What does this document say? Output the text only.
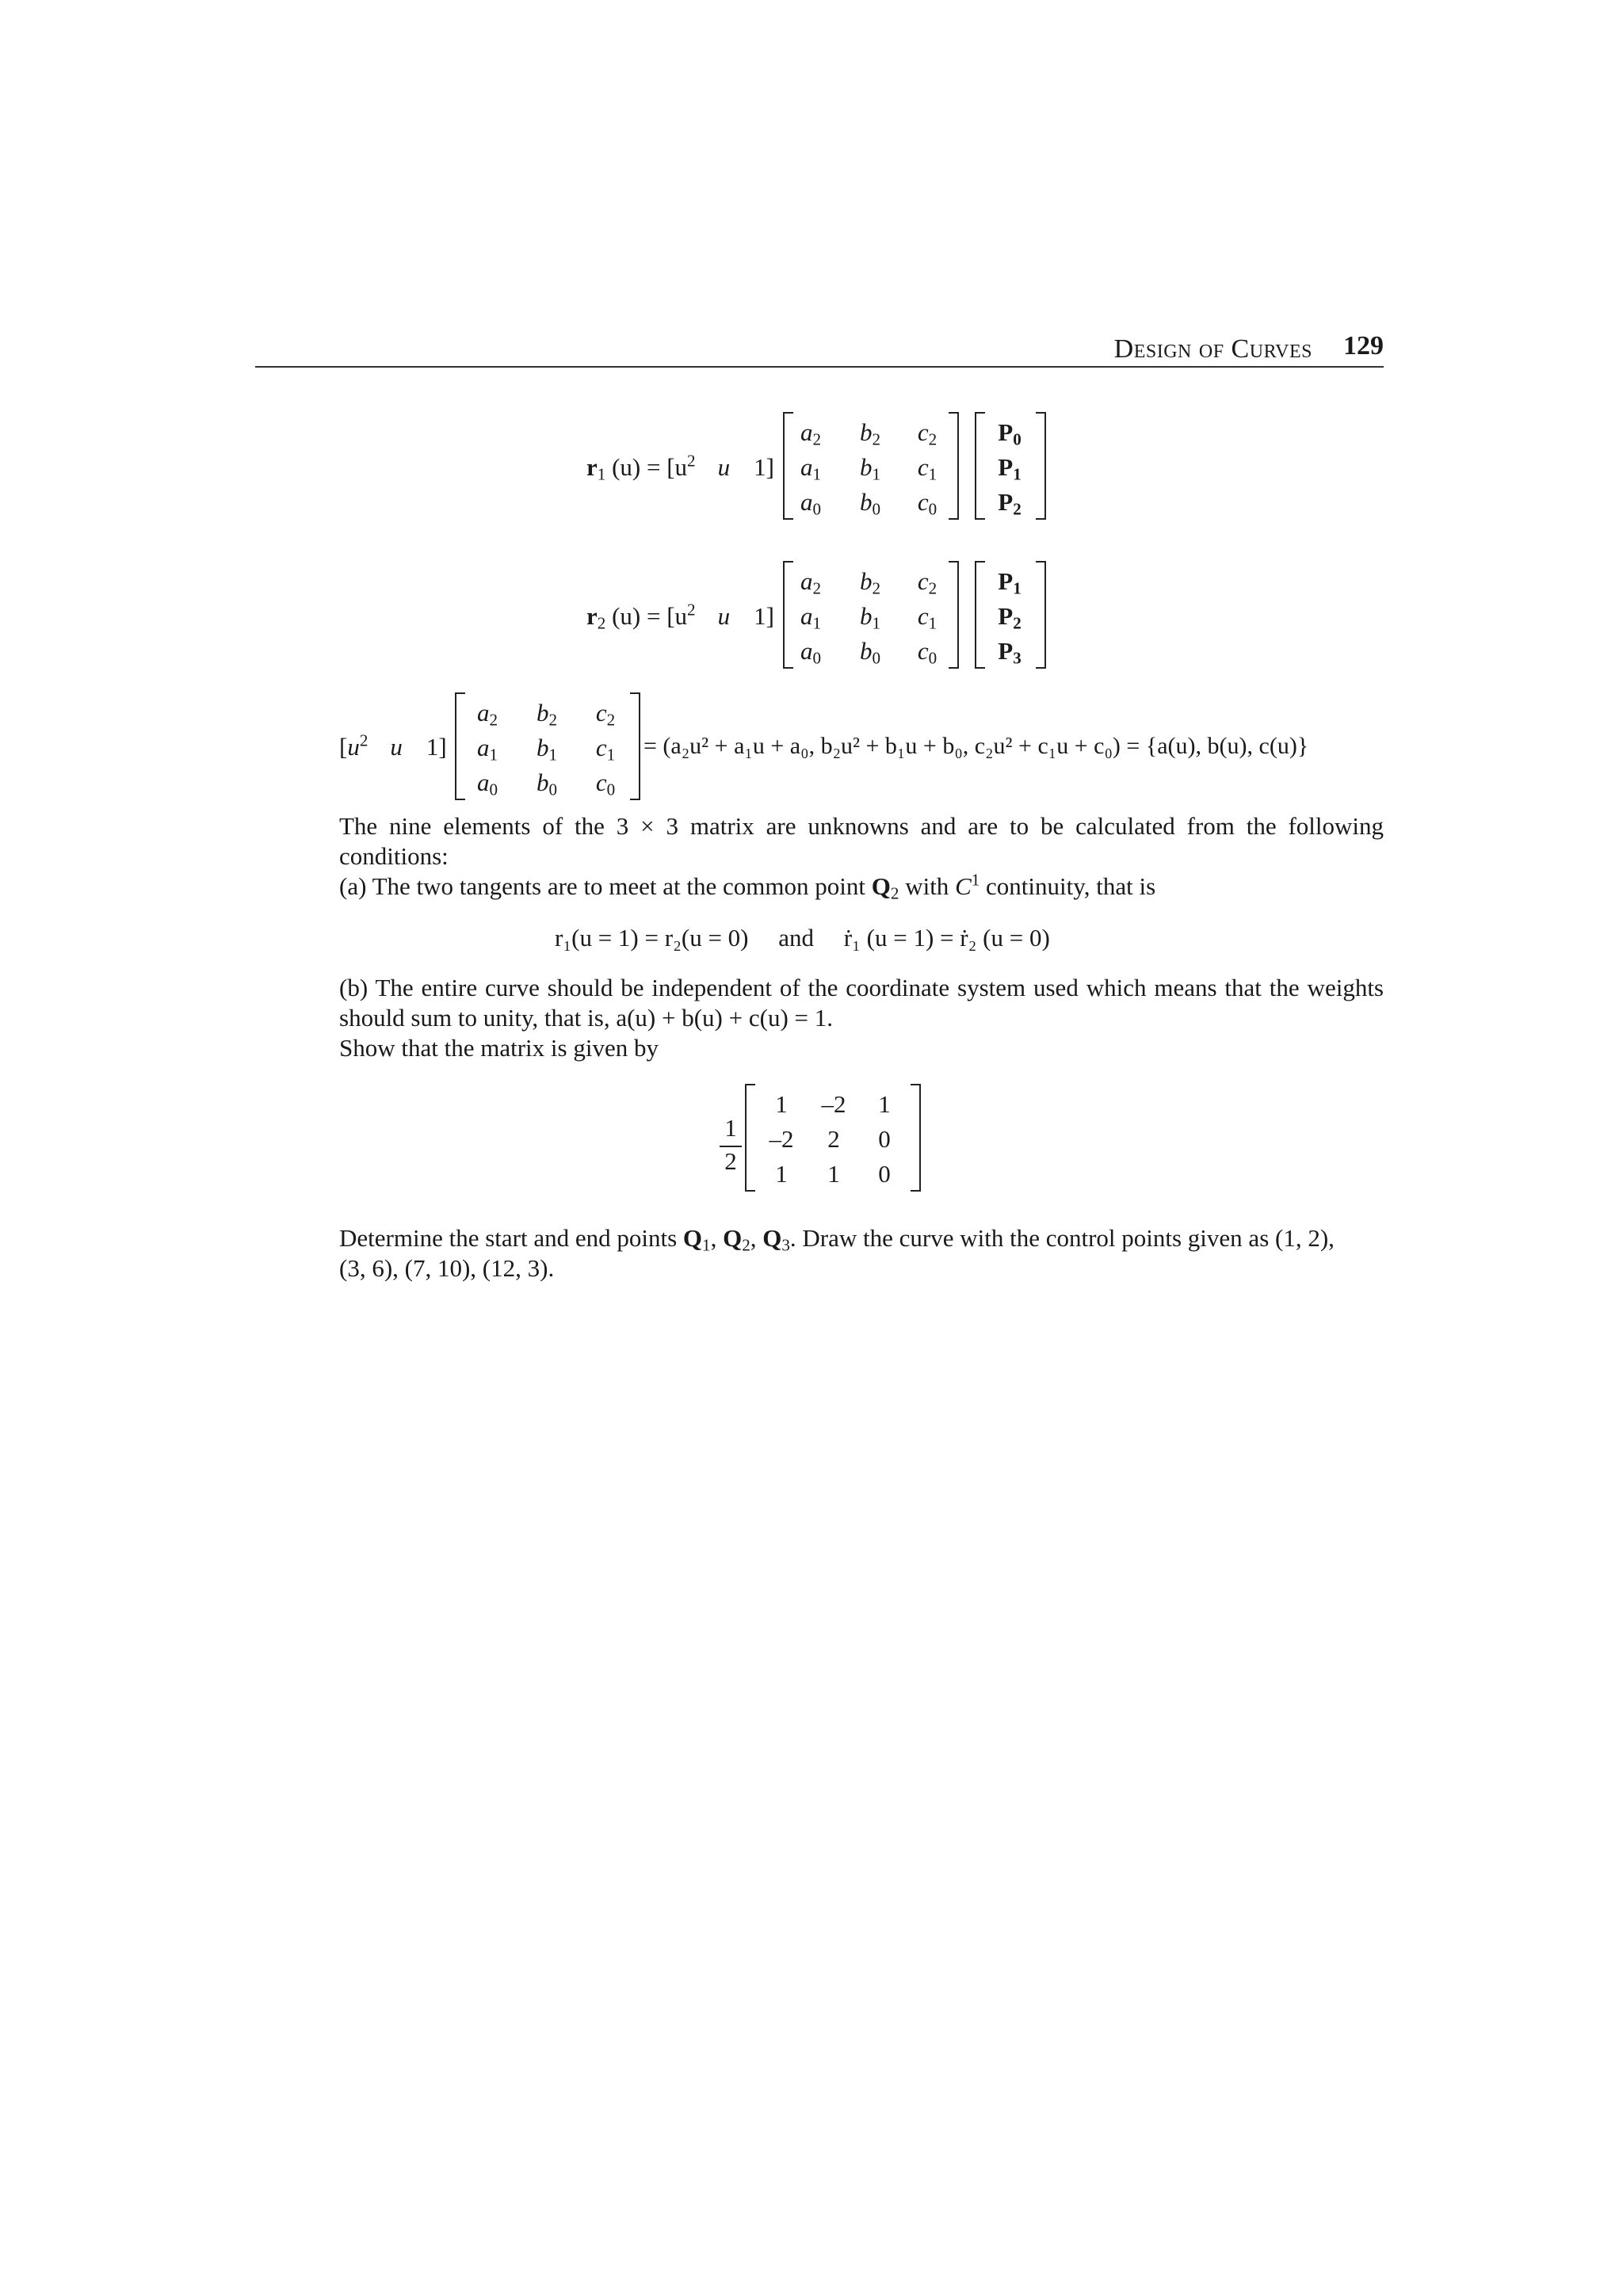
Design of Curves 129
$r_1$ $(u) = [u^2$ u 1]
$a_2$	$b_2$	$c_2$
$a_1$	$b_1$	$c_1$
$a_0$	$b_0$	$c_0$
$P_0$
$P_1$
$P_2$
$r_2$ $(u) = [u^2$ u 1]
$a_2$	$b_2$	$c_2$
$a_1$	$b_1$	$c_1$
$a_0$	$b_0$	$c_0$
$P_1$
$P_2$
$P_3$
[$u^2$ u 1]
$a_2$	$b_2$	$c_2$
$a_1$	$b_1$	$c_1$
$a_0$	$b_0$	$c_0$
= (a₂u² + a₁u + a₀, b₂u² + b₁u + b₀, c₂u² + c₁u + c₀) = {a(u), b(u), c(u)}
The nine elements of the 3 × 3 matrix are unknowns and are to be calculated from the following
conditions:
(a) The two tangents are to meet at the common point $Q_2$ with $C^1$ continuity, that is
r₁(u = 1) = r₂(u = 0) and ṙ₁ (u = 1) = ṙ₂ (u = 0)
(b) The entire curve should be independent of the coordinate system used which means that the weights
should sum to unity, that is, a(u) + b(u) + c(u) = 1.
Show that the matrix is given by
1
2
1	–2	1
–2	2	0
1	1	0
Determine the start and end points $Q_1$, $Q_2$, $Q_3$. Draw the curve with the control points given as (1, 2),
(3, 6), (7, 10), (12, 3).
